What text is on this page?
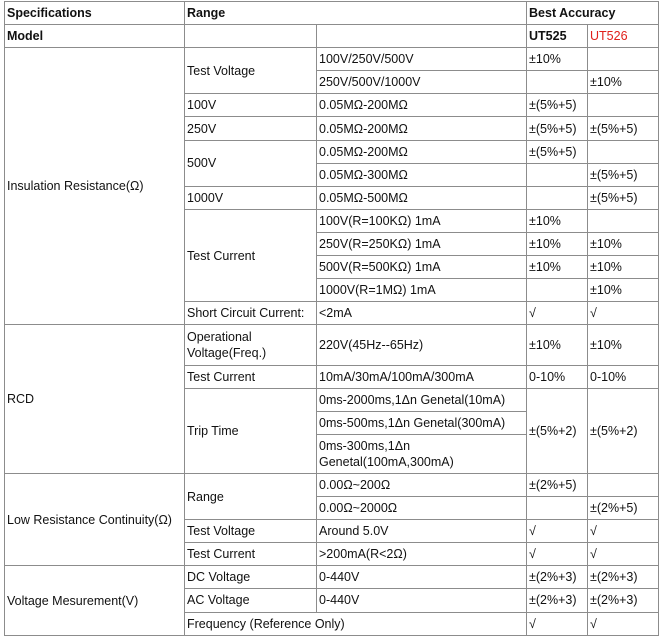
Specifications	Range		Best Accuracy	
Model			UT525	UT526
Insulation Resistance(Ω)	Test Voltage	100V/250V/500V	±10%	
		250V/500V/1000V		±10%
	100V	0.05MΩ-200MΩ	±(5%+5)	
	250V	0.05MΩ-200MΩ	±(5%+5)	±(5%+5)
	500V	0.05MΩ-200MΩ	±(5%+5)	
		0.05MΩ-300MΩ		±(5%+5)
	1000V	0.05MΩ-500MΩ		±(5%+5)
	Test Current	100V(R=100KΩ) 1mA	±10%	
		250V(R=250KΩ) 1mA	±10%	±10%
		500V(R=500KΩ) 1mA	±10%	±10%
		1000V(R=1MΩ) 1mA		±10%
	Short Circuit Current:	<2mA	√	√
RCD	Operational Voltage(Freq.)	220V(45Hz--65Hz)	±10%	±10%
	Test Current	10mA/30mA/100mA/300mA	0-10%	0-10%
	Trip Time	0ms-2000ms,1Δn Genetal(10mA)	±(5%+2)	±(5%+2)
		0ms-500ms,1Δn Genetal(300mA)		
		0ms-300ms,1Δn Genetal(100mA,300mA)		
Low Resistance Continuity(Ω)	Range	0.00Ω~200Ω	±(2%+5)	
		0.00Ω~2000Ω		±(2%+5)
	Test Voltage	Around 5.0V	√	√
	Test Current	>200mA(R<2Ω)	√	√
Voltage Mesurement(V)	DC Voltage	0-440V	±(2%+3)	±(2%+3)
	AC Voltage	0-440V	±(2%+3)	±(2%+3)
	Frequency (Reference Only)		√	√
